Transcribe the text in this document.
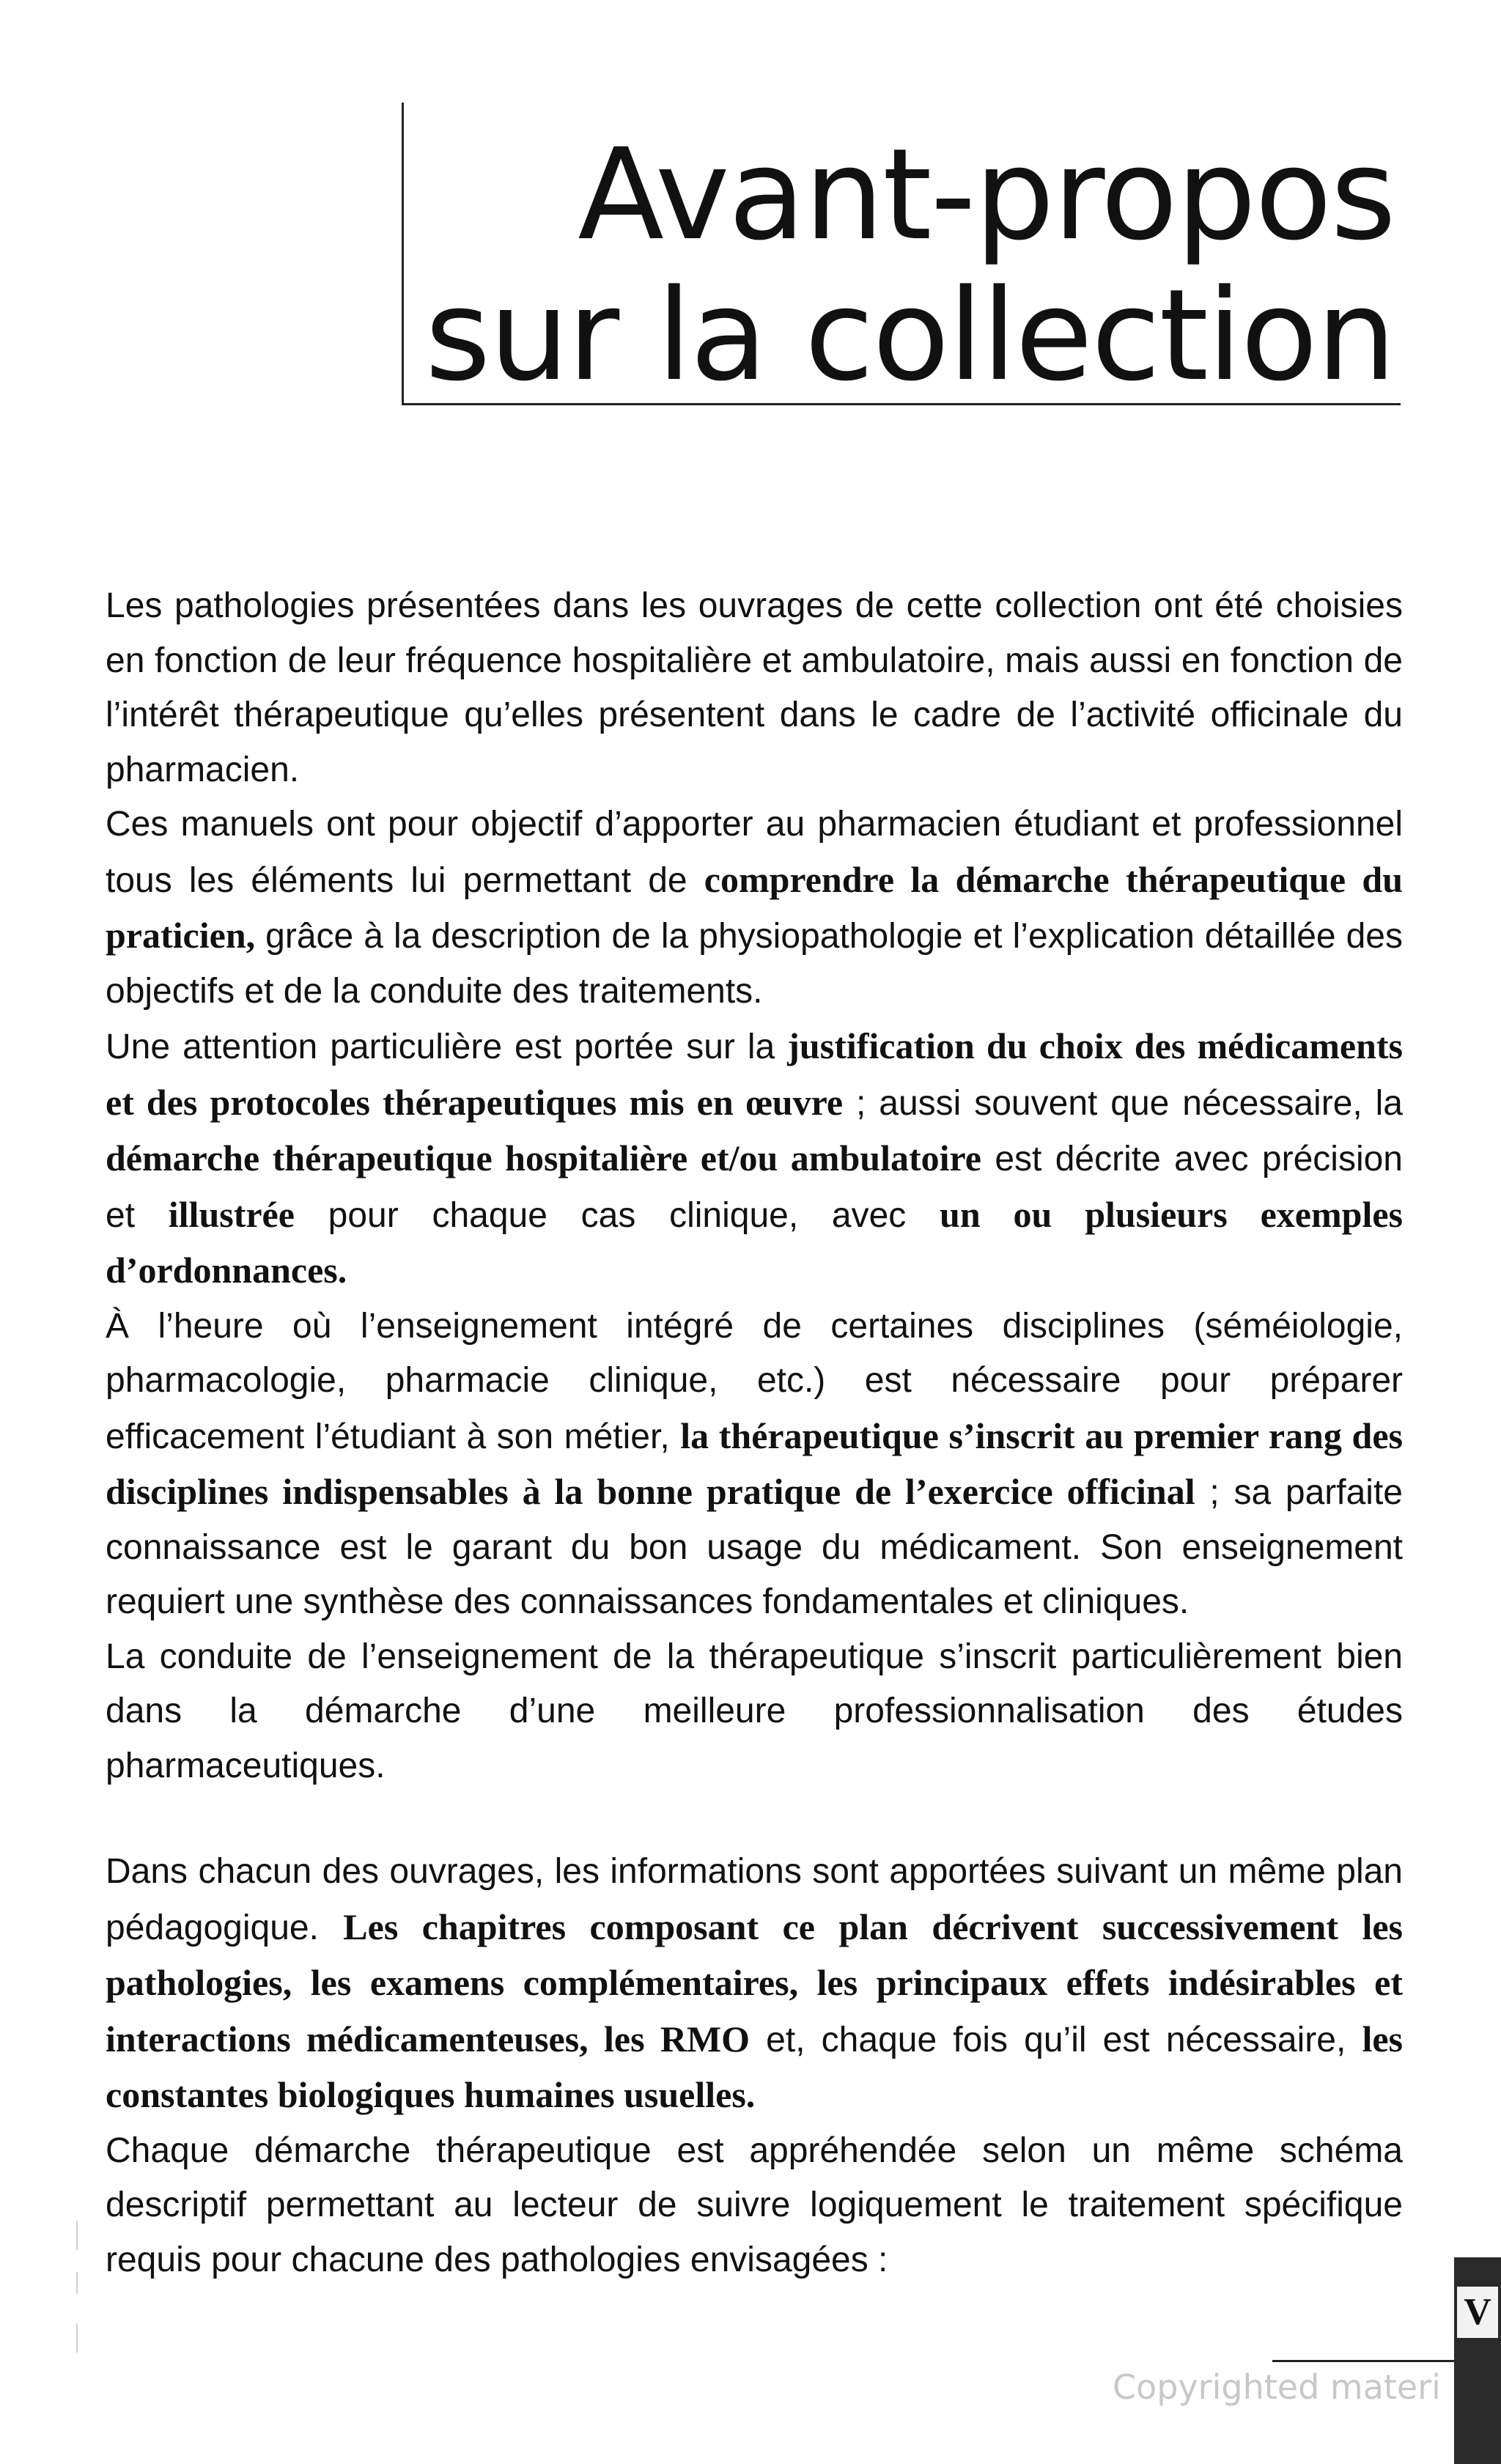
Avant-propos
sur la collection

Les pathologies présentées dans les ouvrages de cette collection ont été choisies en fonction de leur fréquence hospitalière et ambulatoire, mais aussi en fonction de l’intérêt thérapeutique qu’elles présentent dans le cadre de l’activité officinale du pharmacien.

Ces manuels ont pour objectif d’apporter au pharmacien étudiant et professionnel tous les éléments lui permettant de comprendre la démarche thérapeutique du praticien, grâce à la description de la physiopathologie et l’explication détaillée des objectifs et de la conduite des traitements.

Une attention particulière est portée sur la justification du choix des médicaments et des protocoles thérapeutiques mis en œuvre ; aussi souvent que nécessaire, la démarche thérapeutique hospitalière et/ou ambulatoire est décrite avec précision et illustrée pour chaque cas clinique, avec un ou plusieurs exemples d’ordonnances.

À l’heure où l’enseignement intégré de certaines disciplines (séméiologie, pharmacologie, pharmacie clinique, etc.) est nécessaire pour préparer efficacement l’étudiant à son métier, la thérapeutique s’inscrit au premier rang des disciplines indispensables à la bonne pratique de l’exercice officinal ; sa parfaite connaissance est le garant du bon usage du médicament. Son enseignement requiert une synthèse des connaissances fondamentales et cliniques.

La conduite de l’enseignement de la thérapeutique s’inscrit particulièrement bien dans la démarche d’une meilleure professionnalisation des études pharmaceutiques.

Dans chacun des ouvrages, les informations sont apportées suivant un même plan pédagogique. Les chapitres composant ce plan décrivent successivement les pathologies, les examens complémentaires, les principaux effets indésirables et interactions médicamenteuses, les RMO et, chaque fois qu’il est nécessaire, les constantes biologiques humaines usuelles.

Chaque démarche thérapeutique est appréhendée selon un même schéma descriptif permettant au lecteur de suivre logiquement le traitement spécifique requis pour chacune des pathologies envisagées :

Copyrighted materi
V
